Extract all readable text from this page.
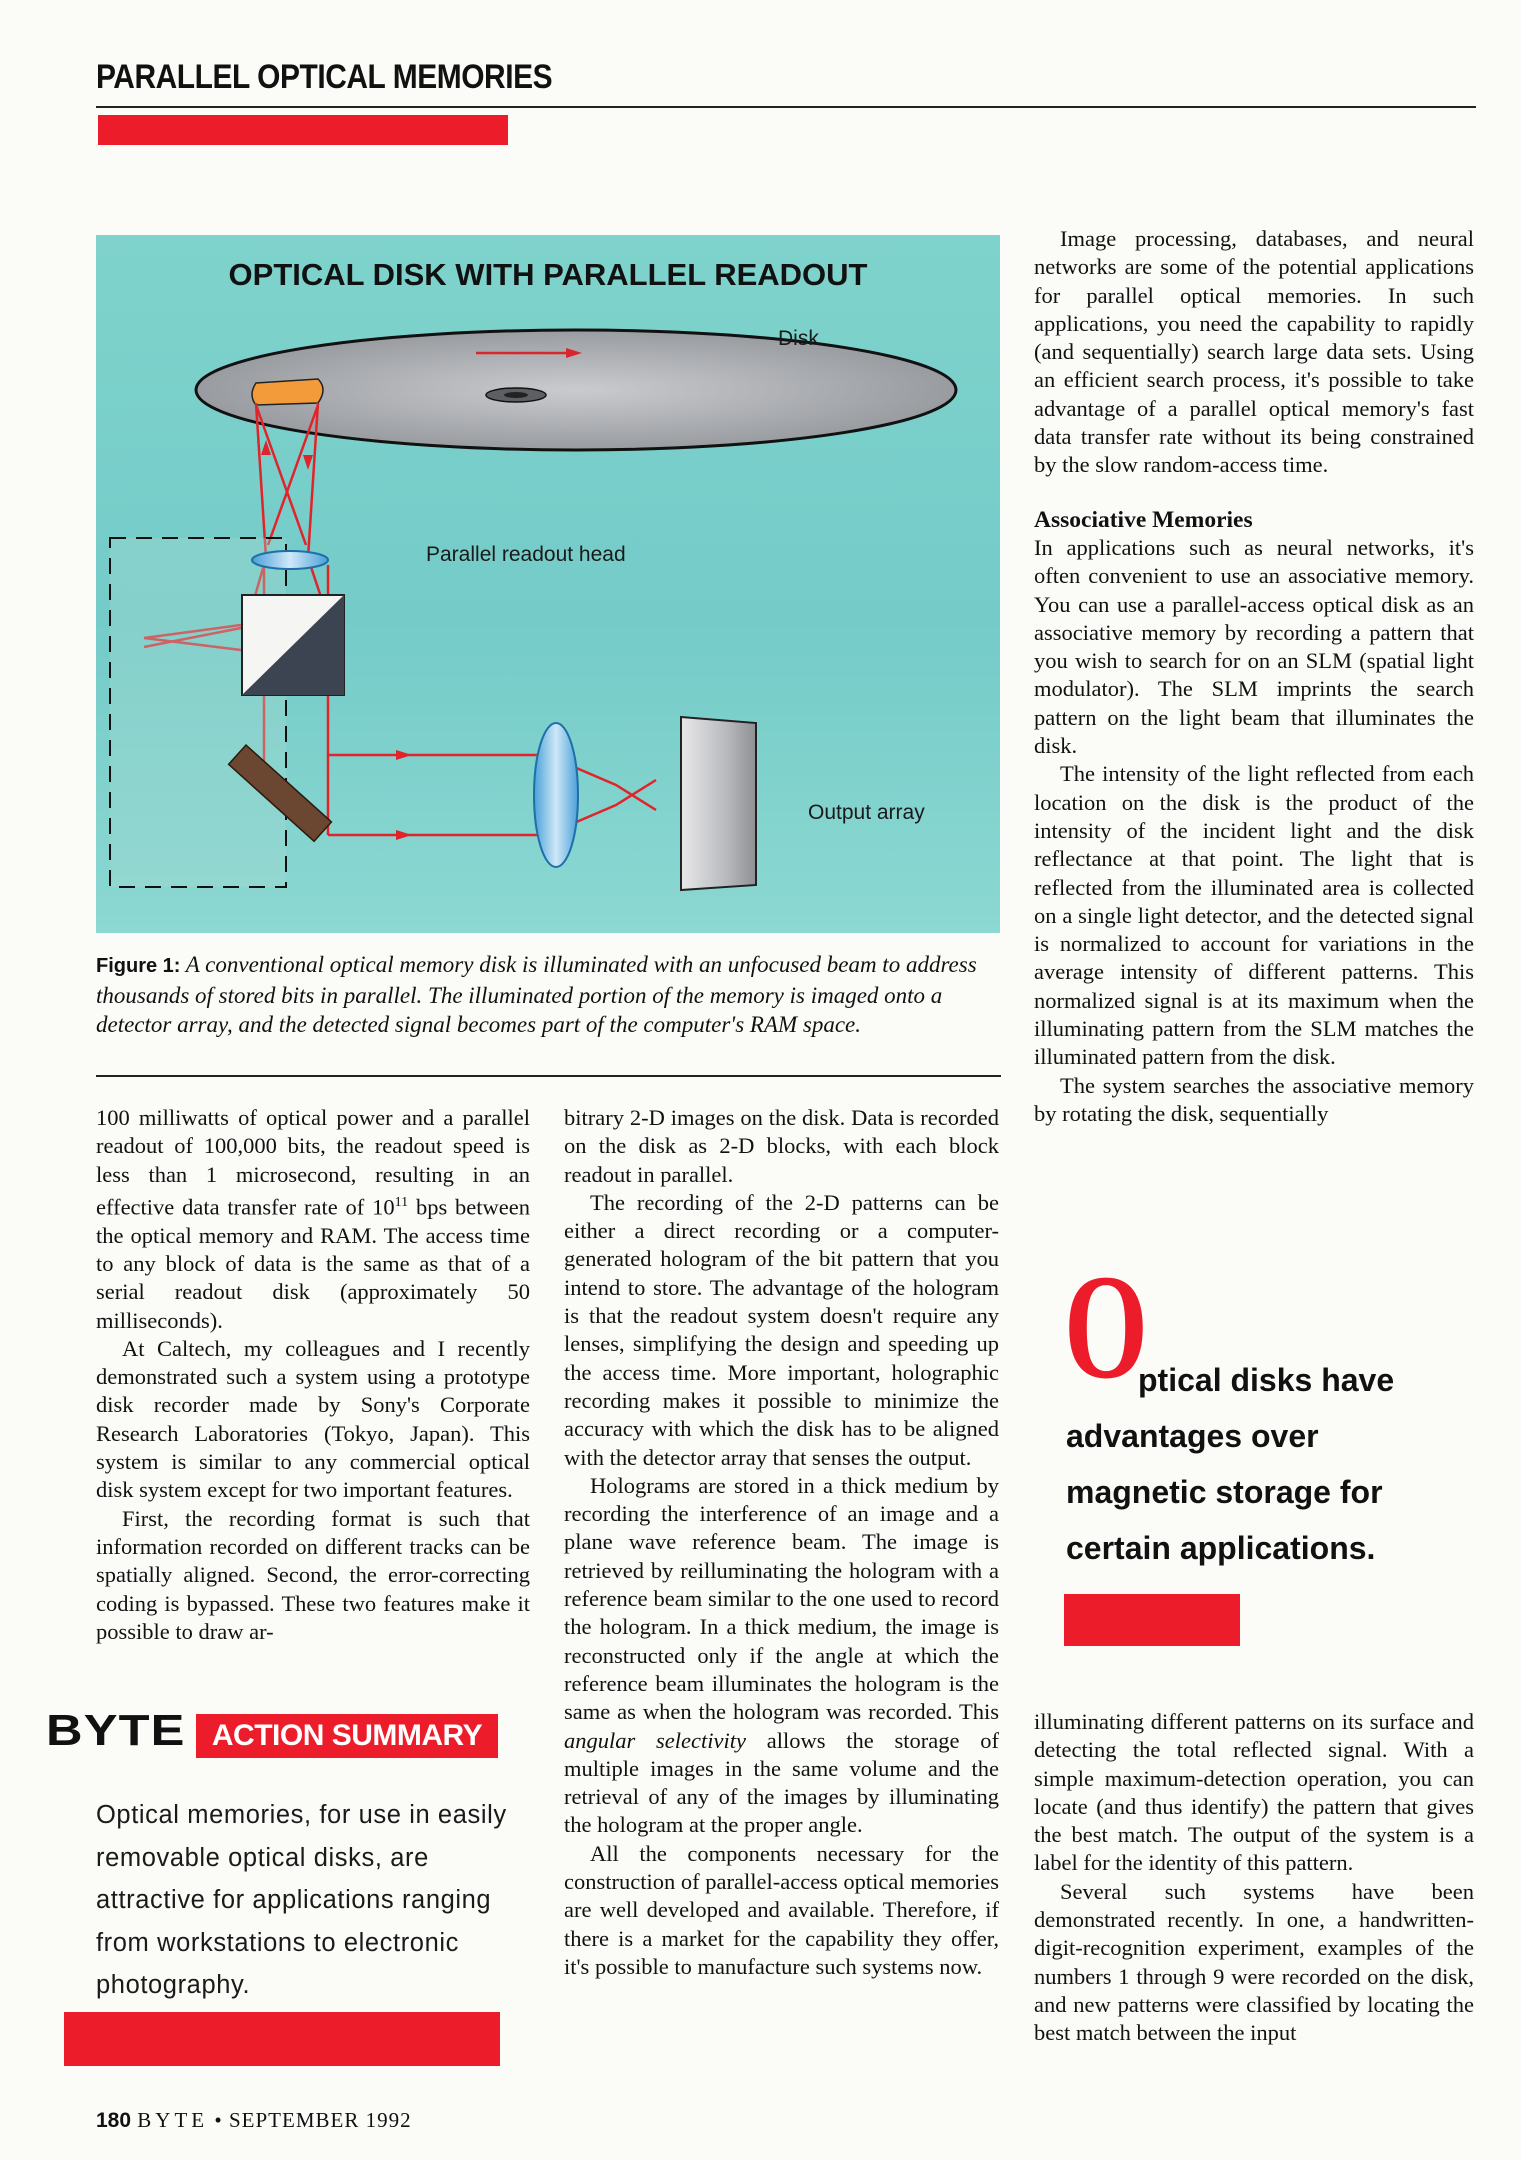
PARALLEL OPTICAL MEMORIES
OPTICAL DISK WITH PARALLEL READOUT
Disk
Parallel readout head
Output array
Figure 1: A conventional optical memory disk is illuminated with an unfocused beam to address thousands of stored bits in parallel. The illuminated portion of the memory is imaged onto a detector array, and the detected signal becomes part of the computer's RAM space.

100 milliwatts of optical power and a parallel readout of 100,000 bits, the readout speed is less than 1 microsecond, resulting in an effective data transfer rate of $10^{11}$ bps between the optical memory and RAM. The access time to any block of data is the same as that of a serial readout disk (approximately 50 milliseconds).

At Caltech, my colleagues and I recently demonstrated such a system using a prototype disk recorder made by Sony's Corporate Research Laboratories (Tokyo, Japan). This system is similar to any commercial optical disk system except for two important features.

First, the recording format is such that information recorded on different tracks can be spatially aligned. Second, the error-correcting coding is bypassed. These two features make it possible to draw ar-

bitrary 2-D images on the disk. Data is recorded on the disk as 2-D blocks, with each block readout in parallel.

The recording of the 2-D patterns can be either a direct recording or a computer-generated hologram of the bit pattern that you intend to store. The advantage of the hologram is that the readout system doesn't require any lenses, simplifying the design and speeding up the access time. More important, holographic recording makes it possible to minimize the accuracy with which the disk has to be aligned with the detector array that senses the output.

Holograms are stored in a thick medium by recording the interference of an image and a plane wave reference beam. The image is retrieved by reilluminating the hologram with a reference beam similar to the one used to record the hologram. In a thick medium, the image is reconstructed only if the angle at which the reference beam illuminates the hologram is the same as when the hologram was recorded. This angular selectivity allows the storage of multiple images in the same volume and the retrieval of any of the images by illuminating the hologram at the proper angle.

All the components necessary for the construction of parallel-access optical memories are well developed and available. Therefore, if there is a market for the capability they offer, it's possible to manufacture such systems now.

Image processing, databases, and neural networks are some of the potential applications for parallel optical memories. In such applications, you need the capability to rapidly (and sequentially) search large data sets. Using an efficient search process, it's possible to take advantage of a parallel optical memory's fast data transfer rate without its being constrained by the slow random-access time.

Associative Memories

In applications such as neural networks, it's often convenient to use an associative memory. You can use a parallel-access optical disk as an associative memory by recording a pattern that you wish to search for on an SLM (spatial light modulator). The SLM imprints the search pattern on the light beam that illuminates the disk.

The intensity of the light reflected from each location on the disk is the product of the intensity of the incident light and the disk reflectance at that point. The light that is reflected from the illuminated area is collected on a single light detector, and the detected signal is normalized to account for variations in the average intensity of different patterns. This normalized signal is at its maximum when the illuminating pattern from the SLM matches the illuminated pattern from the disk.

The system searches the associative memory by rotating the disk, sequentially

illuminating different patterns on its surface and detecting the total reflected signal. With a simple maximum-detection operation, you can locate (and thus identify) the pattern that gives the best match. The output of the system is a label for the identity of this pattern.

Several such systems have been demonstrated recently. In one, a handwritten-digit-recognition experiment, examples of the numbers 1 through 9 were recorded on the disk, and new patterns were classified by locating the best match between the input

O
ptical disks have
advantages over
magnetic storage for
certain applications.
BYTE ACTION SUMMARY
Optical memories, for use in easily removable optical disks, are attractive for applications ranging from workstations to electronic photography.
180 BYTE • SEPTEMBER 1992
